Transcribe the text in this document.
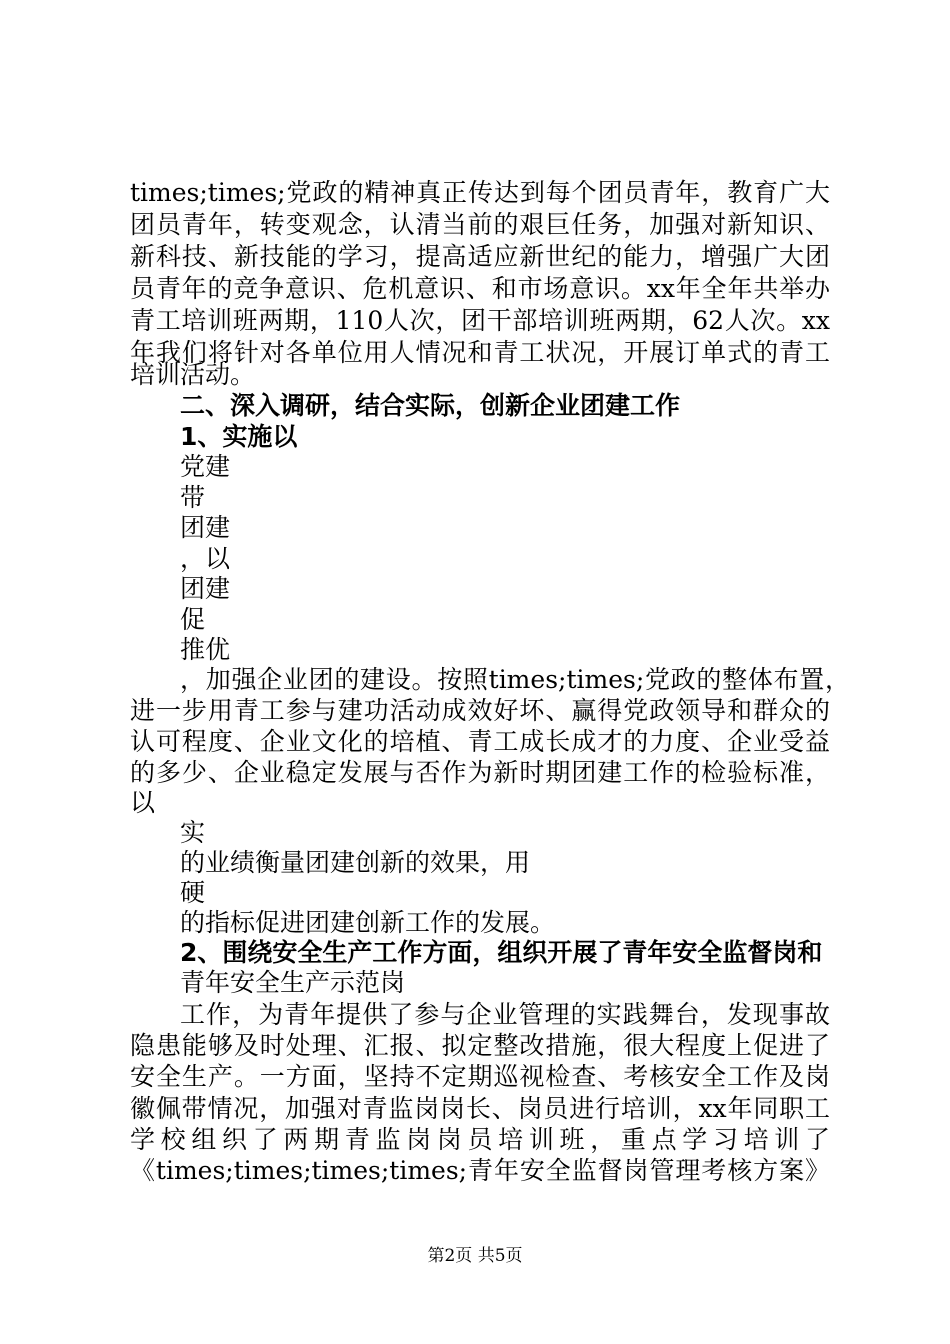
times;times;党政的精神真正传达到每个团员青年，教育广大
团员青年，转变观念，认清当前的艰巨任务，加强对新知识、
新科技、新技能的学习，提高适应新世纪的能力，增强广大团
员青年的竞争意识、危机意识、和市场意识。xx年全年共举办
青工培训班两期，110人次，团干部培训班两期，62人次。xx
年我们将针对各单位用人情况和青工状况，开展订单式的青工
培训活动。
二、深入调研，结合实际，创新企业团建工作
1、实施以
党建
带
团建
，以
团建
促
推优
，加强企业团的建设。按照times;times;党政的整体布置，
进一步用青工参与建功活动成效好坏、赢得党政领导和群众的
认可程度、企业文化的培植、青工成长成才的力度、企业受益
的多少、企业稳定发展与否作为新时期团建工作的检验标准，
以
实
的业绩衡量团建创新的效果，用
硬
的指标促进团建创新工作的发展。
2、围绕安全生产工作方面，组织开展了青年安全监督岗和
青年安全生产示范岗
工作，为青年提供了参与企业管理的实践舞台，发现事故
隐患能够及时处理、汇报、拟定整改措施，很大程度上促进了
安全生产。一方面，坚持不定期巡视检查、考核安全工作及岗
徽佩带情况，加强对青监岗岗长、岗员进行培训，xx年同职工
学校组织了两期青监岗岗员培训班，重点学习培训了
《times;times;times;times;青年安全监督岗管理考核方案》
第2页 共5页
